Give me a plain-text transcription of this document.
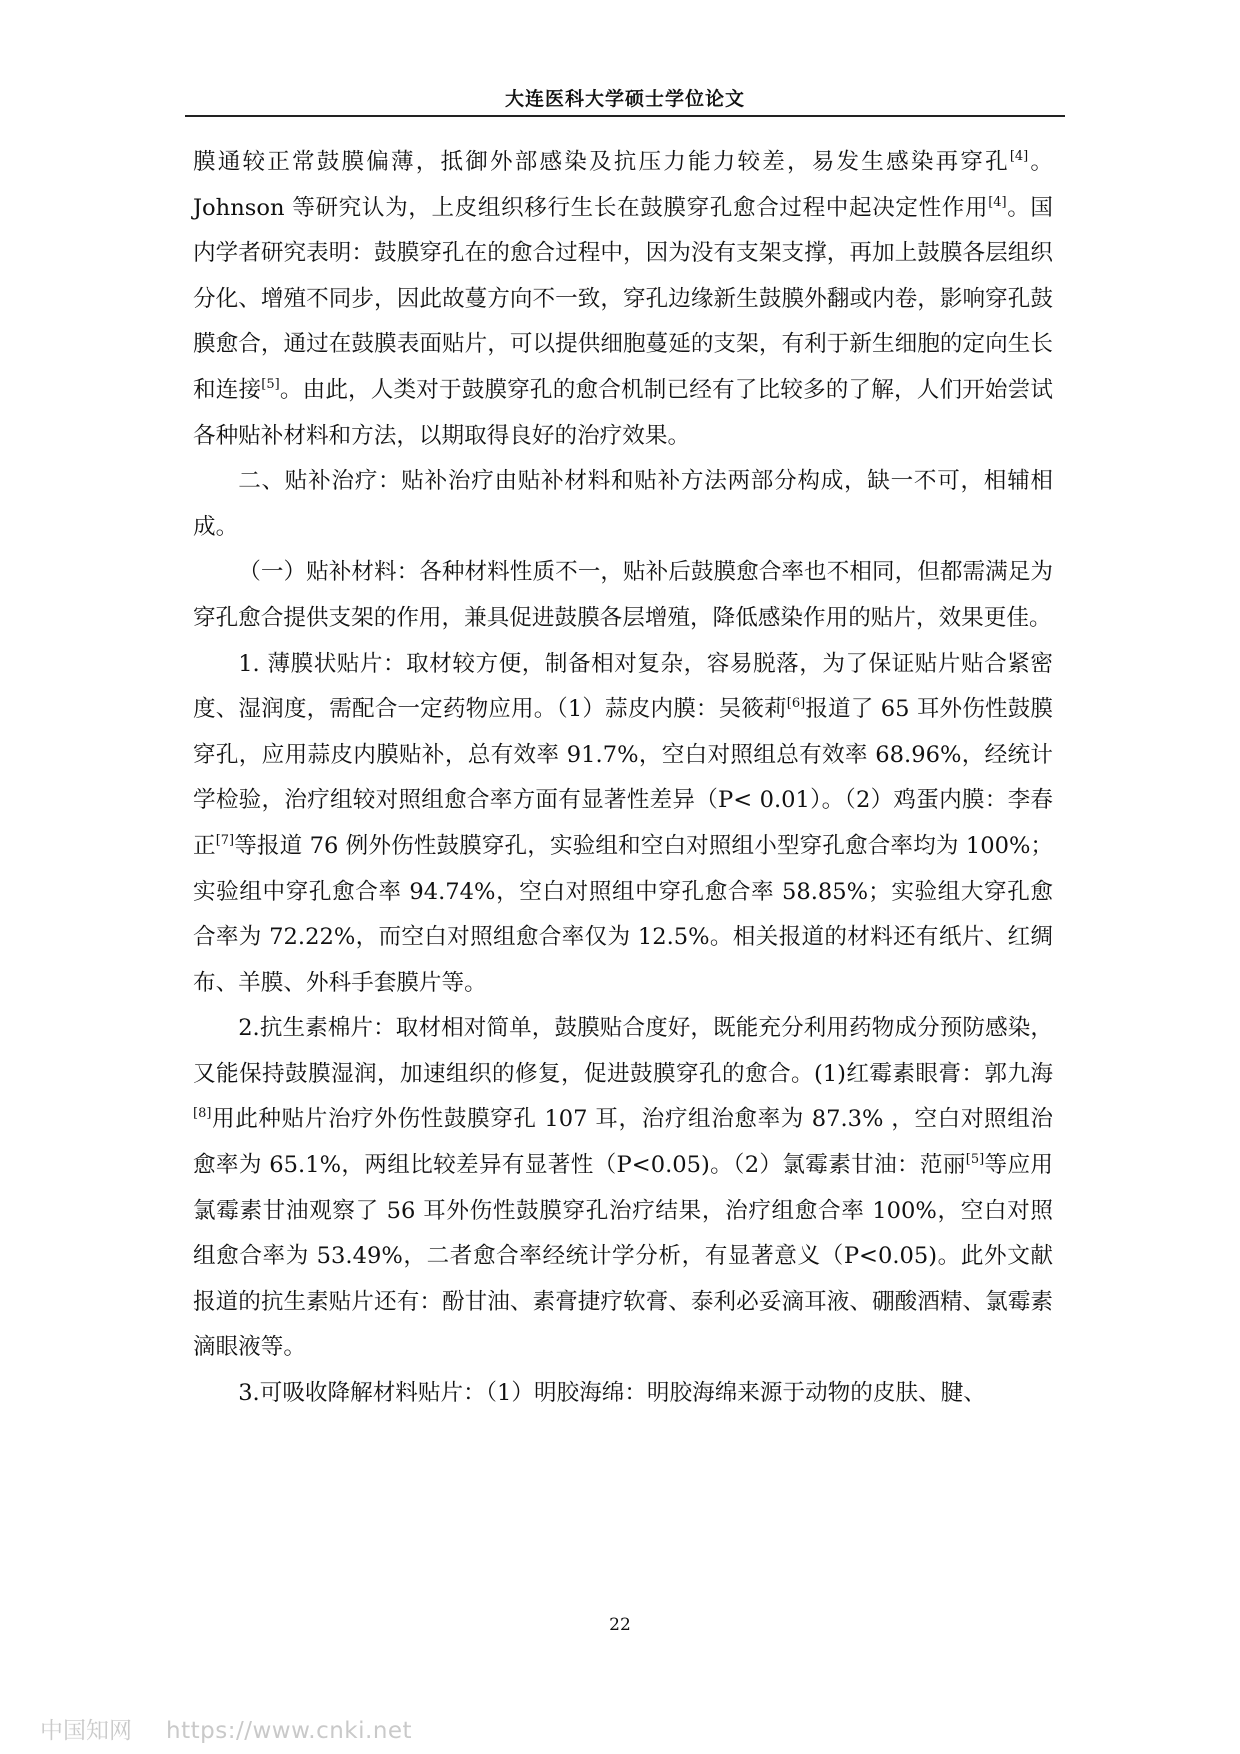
大连医科大学硕士学位论文

膜通较正常鼓膜偏薄，抵御外部感染及抗压力能力较差，易发生感染再穿孔[4]。Johnson 等研究认为，上皮组织移行生长在鼓膜穿孔愈合过程中起决定性作用[4]。国内学者研究表明：鼓膜穿孔在的愈合过程中，因为没有支架支撑，再加上鼓膜各层组织分化、增殖不同步，因此故蔓方向不一致，穿孔边缘新生鼓膜外翻或内卷，影响穿孔鼓膜愈合，通过在鼓膜表面贴片，可以提供细胞蔓延的支架，有利于新生细胞的定向生长和连接[5]。由此，人类对于鼓膜穿孔的愈合机制已经有了比较多的了解，人们开始尝试各种贴补材料和方法，以期取得良好的治疗效果。

二、贴补治疗：贴补治疗由贴补材料和贴补方法两部分构成，缺一不可，相辅相成。

（一）贴补材料：各种材料性质不一，贴补后鼓膜愈合率也不相同，但都需满足为穿孔愈合提供支架的作用，兼具促进鼓膜各层增殖，降低感染作用的贴片，效果更佳。

1. 薄膜状贴片：取材较方便，制备相对复杂，容易脱落，为了保证贴片贴合紧密度、湿润度，需配合一定药物应用。（1）蒜皮内膜：吴筱莉[6]报道了 65 耳外伤性鼓膜穿孔，应用蒜皮内膜贴补，总有效率 91.7%，空白对照组总有效率 68.96%，经统计学检验，治疗组较对照组愈合率方面有显著性差异（P< 0.01）。（2）鸡蛋内膜：李春正[7]等报道 76 例外伤性鼓膜穿孔，实验组和空白对照组小型穿孔愈合率均为 100%；实验组中穿孔愈合率 94.74%，空白对照组中穿孔愈合率 58.85%；实验组大穿孔愈合率为 72.22%，而空白对照组愈合率仅为 12.5%。相关报道的材料还有纸片、红绸布、羊膜、外科手套膜片等。

2.抗生素棉片：取材相对简单，鼓膜贴合度好，既能充分利用药物成分预防感染，又能保持鼓膜湿润，加速组织的修复，促进鼓膜穿孔的愈合。(1)红霉素眼膏：郭九海[8]用此种贴片治疗外伤性鼓膜穿孔 107 耳，治疗组治愈率为 87.3% ，空白对照组治愈率为 65.1%，两组比较差异有显著性（P<0.05)。（2）氯霉素甘油：范丽[5]等应用氯霉素甘油观察了 56 耳外伤性鼓膜穿孔治疗结果，治疗组愈合率 100%，空白对照组愈合率为 53.49%，二者愈合率经统计学分析，有显著意义（P<0.05)。此外文献报道的抗生素贴片还有：酚甘油、素膏捷疗软膏、泰利必妥滴耳液、硼酸酒精、氯霉素滴眼液等。

3.可吸收降解材料贴片：（1）明胶海绵：明胶海绵来源于动物的皮肤、腱、

22
中国知网 https://www.cnki.net
